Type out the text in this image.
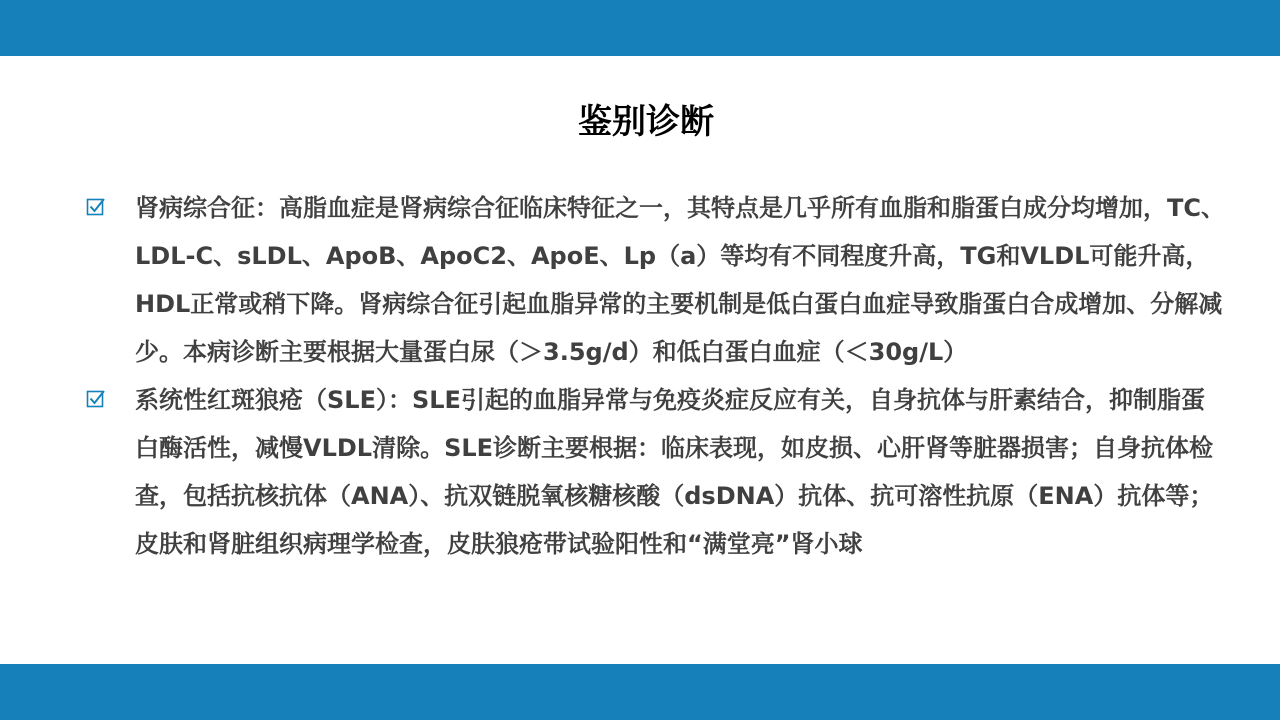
鉴别诊断

肾病综合征：高脂血症是肾病综合征临床特征之一，其特点是几乎所有血脂和脂蛋白成分均增加，TC、LDL-C、sLDL、ApoB、ApoC2、ApoE、Lp（a）等均有不同程度升高，TG和VLDL可能升高，HDL正常或稍下降。肾病综合征引起血脂异常的主要机制是低白蛋白血症导致脂蛋白合成增加、分解减少。本病诊断主要根据大量蛋白尿（＞3.5g/d）和低白蛋白血症（＜30g/L）

系统性红斑狼疮（SLE）：SLE引起的血脂异常与免疫炎症反应有关，自身抗体与肝素结合，抑制脂蛋白酶活性，减慢VLDL清除。SLE诊断主要根据：临床表现，如皮损、心肝肾等脏器损害；自身抗体检查，包括抗核抗体（ANA）、抗双链脱氧核糖核酸（dsDNA）抗体、抗可溶性抗原（ENA）抗体等；皮肤和肾脏组织病理学检查，皮肤狼疮带试验阳性和“满堂亮”肾小球
